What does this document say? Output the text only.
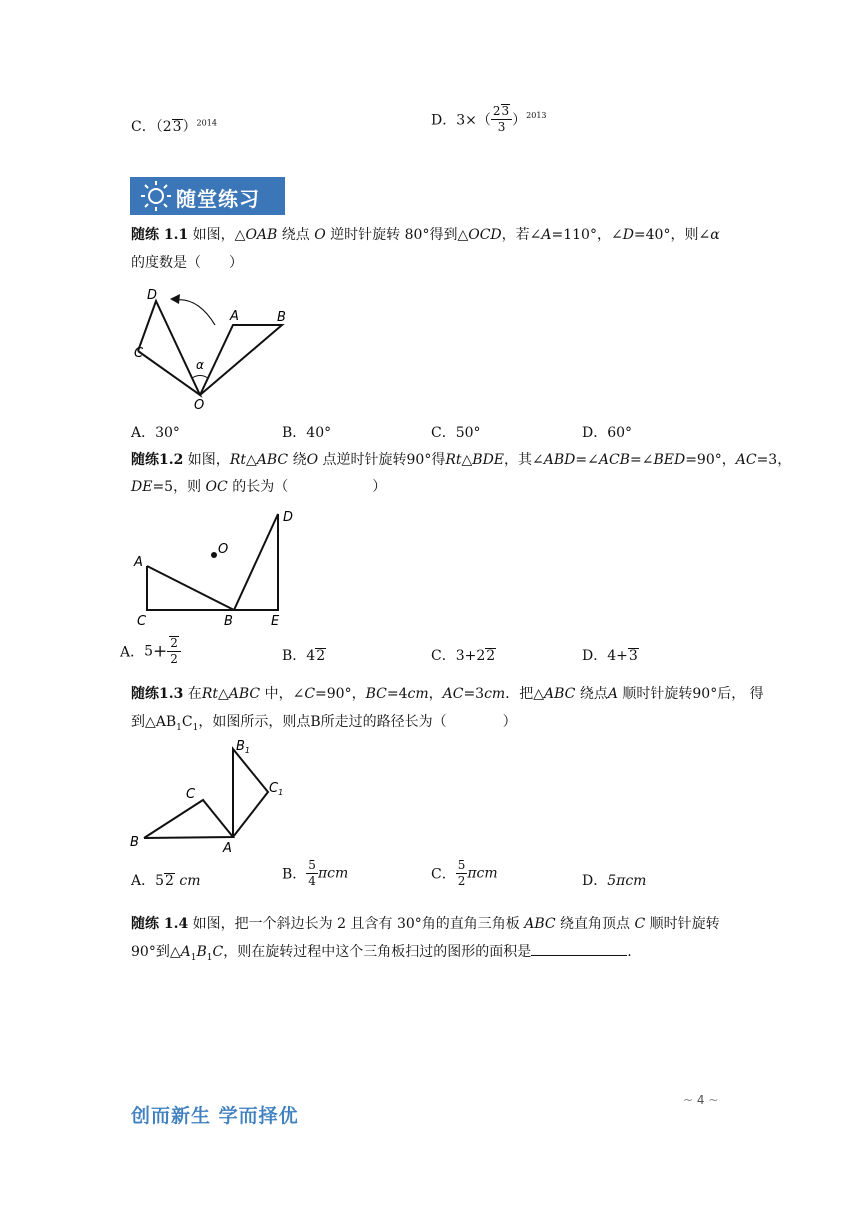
C．$(23)^{2014}$	D．$3\times( \frac{23}{3} )^{2013}$
随堂练习
随练 1.1 如图，△OAB 绕点 O 逆时针旋转 80°得到△OCD，若∠A=110°，∠D=40°，则∠α
的度数是（　　）
D
C
A	B
O
α
A．30°	B．40°	C．50°	D．60°
随练1.2 如图，Rt△ABC 绕O 点逆时针旋转90°得Rt△BDE，其∠ABD=∠ACB=∠BED=90°，AC=3，
DE=5，则 OC 的长为（　　　　　　）
D
O
A
C	B	E
A．$5+ \frac{2}{2}$	B．42	C．3+22	D．4+3
随练1.3 在Rt△ABC 中，∠C=90°，BC=4cm，AC=3cm．把△ABC 绕点A 顺时针旋转90°后， 得
到$\triangle AB_1C_1$，如图所示，则点B所走过的路径长为（　　　　）
$B_1$
$C_1$
C
B	A
A．52 cm	B． $\frac{5}{4}$ πcm	C． $\frac{5}{2}$ πcm	D．5πcm
随练 1.4 如图，把一个斜边长为 2 且含有 30°角的直角三角板 ABC 绕直角顶点 C 顺时针旋转
90°到$\triangle A_1B_1C$，则在旋转过程中这个三角板扫过的图形的面积是	.
创而新生 学而择优
~ 4 ~
